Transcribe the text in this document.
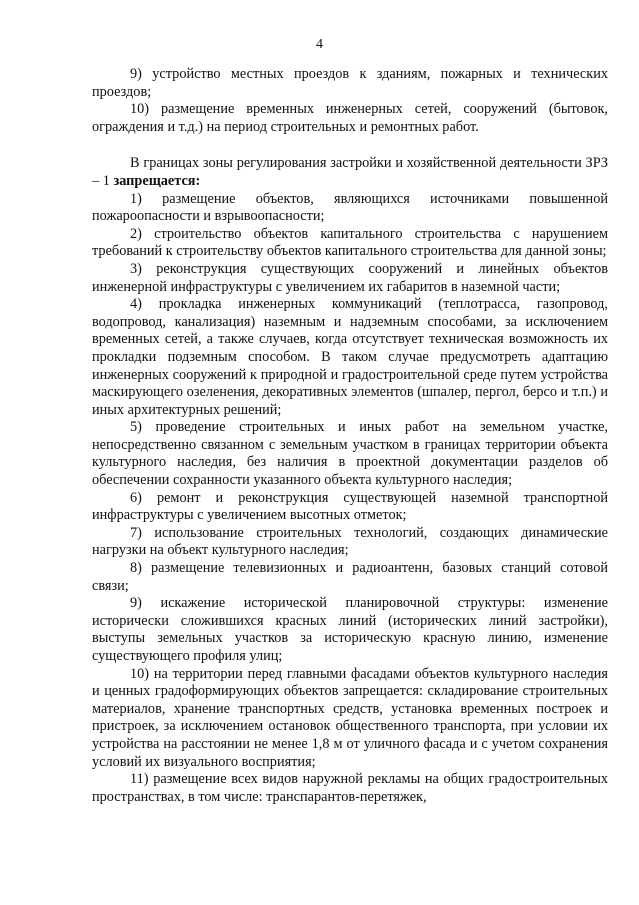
4

9) устройство местных проездов к зданиям, пожарных и технических проездов;

10) размещение временных инженерных сетей, сооружений (бытовок, ограждения и т.д.) на период строительных и ремонтных работ.

В границах зоны регулирования застройки и хозяйственной деятельности ЗРЗ – 1 запрещается:

1) размещение объектов, являющихся источниками повышенной пожароопасности и взрывоопасности;

2) строительство объектов капитального строительства с нарушением требований к строительству объектов капитального строительства для данной зоны;

3) реконструкция существующих сооружений и линейных объектов инженерной инфраструктуры с увеличением их габаритов в наземной части;

4) прокладка инженерных коммуникаций (теплотрасса, газопровод, водопровод, канализация) наземным и надземным способами, за исключением временных сетей, а также случаев, когда отсутствует техническая возможность их прокладки подземным способом. В таком случае предусмотреть адаптацию инженерных сооружений к природной и градостроительной среде путем устройства маскирующего озеленения, декоративных элементов (шпалер, пергол, берсо и т.п.) и иных архитектурных решений;

5) проведение строительных и иных работ на земельном участке, непосредственно связанном с земельным участком в границах территории объекта культурного наследия, без наличия в проектной документации разделов об обеспечении сохранности указанного объекта культурного наследия;

6) ремонт и реконструкция существующей наземной транспортной инфраструктуры с увеличением высотных отметок;

7) использование строительных технологий, создающих динамические нагрузки на объект культурного наследия;

8) размещение телевизионных и радиоантенн, базовых станций сотовой связи;

9) искажение исторической планировочной структуры: изменение исторически сложившихся красных линий (исторических линий застройки), выступы земельных участков за историческую красную линию, изменение существующего профиля улиц;

10) на территории перед главными фасадами объектов культурного наследия и ценных градоформирующих объектов запрещается: складирование строительных материалов, хранение транспортных средств, установка временных построек и пристроек, за исключением остановок общественного транспорта, при условии их устройства на расстоянии не менее 1,8 м от уличного фасада и с учетом сохранения условий их визуального восприятия;

11) размещение всех видов наружной рекламы на общих градостроительных пространствах, в том числе: транспарантов-перетяжек,
